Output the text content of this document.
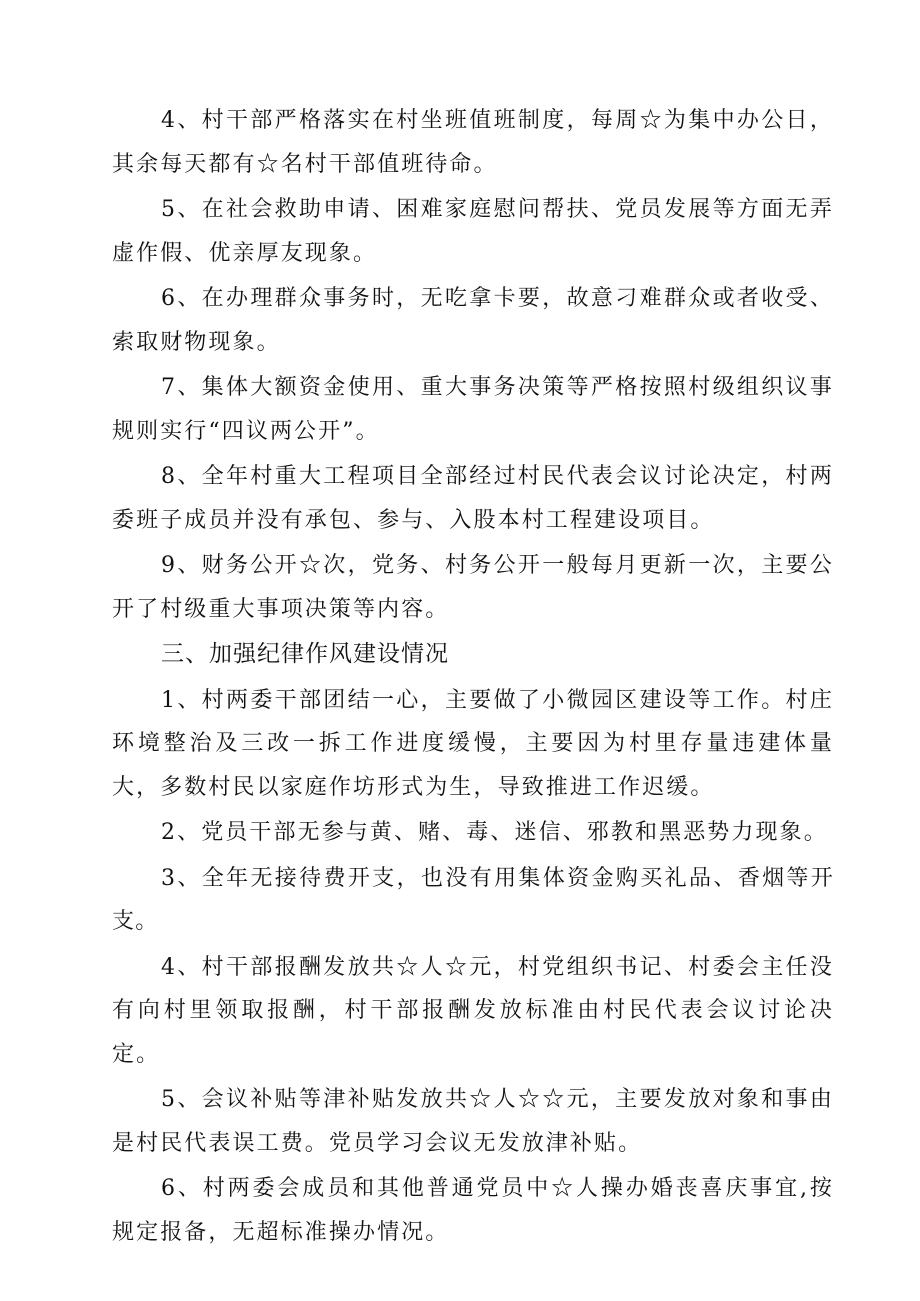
4、村干部严格落实在村坐班值班制度，每周☆为集中办公日，其余每天都有☆名村干部值班待命。

5、在社会救助申请、困难家庭慰问帮扶、党员发展等方面无弄虚作假、优亲厚友现象。

6、在办理群众事务时，无吃拿卡要，故意刁难群众或者收受、索取财物现象。

7、集体大额资金使用、重大事务决策等严格按照村级组织议事规则实行“四议两公开”。

8、全年村重大工程项目全部经过村民代表会议讨论决定，村两委班子成员并没有承包、参与、入股本村工程建设项目。

9、财务公开☆次，党务、村务公开一般每月更新一次，主要公开了村级重大事项决策等内容。

三、加强纪律作风建设情况

1、村两委干部团结一心，主要做了小微园区建设等工作。村庄环境整治及三改一拆工作进度缓慢，主要因为村里存量违建体量大，多数村民以家庭作坊形式为生，导致推进工作迟缓。

2、党员干部无参与黄、赌、毒、迷信、邪教和黑恶势力现象。

3、全年无接待费开支，也没有用集体资金购买礼品、香烟等开支。

4、村干部报酬发放共☆人☆元，村党组织书记、村委会主任没有向村里领取报酬，村干部报酬发放标准由村民代表会议讨论决定。

5、会议补贴等津补贴发放共☆人☆☆元，主要发放对象和事由是村民代表误工费。党员学习会议无发放津补贴。

6、村两委会成员和其他普通党员中☆人操办婚丧喜庆事宜,按规定报备，无超标准操办情况。
